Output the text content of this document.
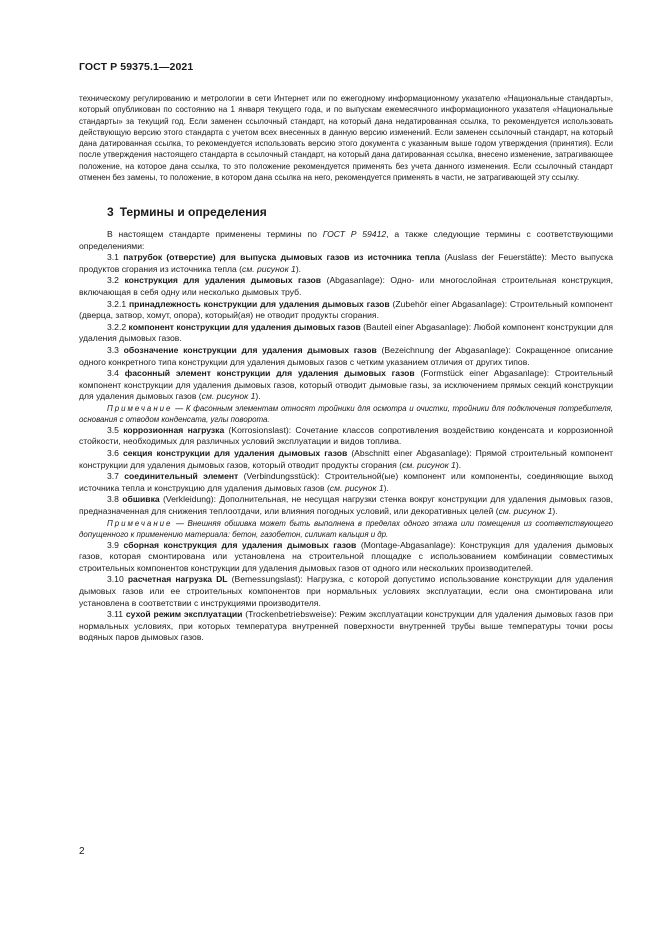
ГОСТ Р 59375.1—2021

техническому регулированию и метрологии в сети Интернет или по ежегодному информационному указателю «Национальные стандарты», который опубликован по состоянию на 1 января текущего года, и по выпускам ежемесячного информационного указателя «Национальные стандарты» за текущий год. Если заменен ссылочный стандарт, на который дана недатированная ссылка, то рекомендуется использовать действующую версию этого стандарта с учетом всех внесенных в данную версию изменений. Если заменен ссылочный стандарт, на который дана датированная ссылка, то рекомендуется использовать версию этого документа с указанным выше годом утверждения (принятия). Если после утверждения настоящего стандарта в ссылочный стандарт, на который дана датированная ссылка, внесено изменение, затрагивающее положение, на которое дана ссылка, то это положение рекомендуется применять без учета данного изменения. Если ссылочный стандарт отменен без замены, то положение, в котором дана ссылка на него, рекомендуется применять в части, не затрагивающей эту ссылку.

3 Термины и определения

В настоящем стандарте применены термины по ГОСТ Р 59412, а также следующие термины с соответствующими определениями:

3.1 патрубок (отверстие) для выпуска дымовых газов из источника тепла (Auslass der Feuerstätte): Место выпуска продуктов сгорания из источника тепла (см. рисунок 1).

3.2 конструкция для удаления дымовых газов (Abgasanlage): Одно- или многослойная строительная конструкция, включающая в себя одну или несколько дымовых труб.

3.2.1 принадлежность конструкции для удаления дымовых газов (Zubehör einer Abgasanlage): Строительный компонент (дверца, затвор, хомут, опора), который(ая) не отводит продукты сгорания.

3.2.2 компонент конструкции для удаления дымовых газов (Bauteil einer Abgasanlage): Любой компонент конструкции для удаления дымовых газов.

3.3 обозначение конструкции для удаления дымовых газов (Bezeichnung der Abgasanlage): Сокращенное описание одного конкретного типа конструкции для удаления дымовых газов с четким указанием отличия от других типов.

3.4 фасонный элемент конструкции для удаления дымовых газов (Formstück einer Abgasanlage): Строительный компонент конструкции для удаления дымовых газов, который отводит дымовые газы, за исключением прямых секций конструкции для удаления дымовых газов (см. рисунок 1).

Примечание — К фасонным элементам относят тройники для осмотра и очистки, тройники для подключения потребителя, основания с отводом конденсата, углы поворота.

3.5 коррозионная нагрузка (Korrosionslast): Сочетание классов сопротивления воздействию конденсата и коррозионной стойкости, необходимых для различных условий эксплуатации и видов топлива.

3.6 секция конструкции для удаления дымовых газов (Abschnitt einer Abgasanlage): Прямой строительный компонент конструкции для удаления дымовых газов, который отводит продукты сгорания (см. рисунок 1).

3.7 соединительный элемент (Verbindungsstück): Строительной(ые) компонент или компоненты, соединяющие выход источника тепла и конструкцию для удаления дымовых газов (см. рисунок 1).

3.8 обшивка (Verkleidung): Дополнительная, не несущая нагрузки стенка вокруг конструкции для удаления дымовых газов, предназначенная для снижения теплоотдачи, или влияния погодных условий, или декоративных целей (см. рисунок 1).

Примечание — Внешняя обшивка может быть выполнена в пределах одного этажа или помещения из соответствующего допущенного к применению материала: бетон, газобетон, силикат кальция и др.

3.9 сборная конструкция для удаления дымовых газов (Montage-Abgasanlage): Конструкция для удаления дымовых газов, которая смонтирована или установлена на строительной площадке с использованием комбинации совместимых строительных компонентов конструкции для удаления дымовых газов от одного или нескольких производителей.

3.10 расчетная нагрузка DL (Bemessungslast): Нагрузка, с которой допустимо использование конструкции для удаления дымовых газов или ее строительных компонентов при нормальных условиях эксплуатации, если она смонтирована или установлена в соответствии с инструкциями производителя.

3.11 сухой режим эксплуатации (Trockenbetriebsweise): Режим эксплуатации конструкции для удаления дымовых газов при нормальных условиях, при которых температура внутренней поверхности внутренней трубы выше температуры точки росы водяных паров дымовых газов.

2
